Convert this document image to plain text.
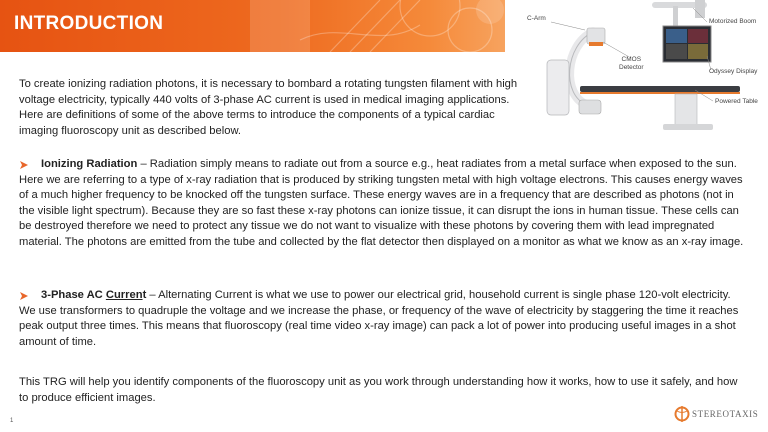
INTRODUCTION	C-Arm	Motorized Boom
CMOS
Detector
Odyssey Display
Powered Table

To create ionizing radiation photons, it is necessary to bombard a rotating tungsten filament with high voltage electricity, typically 440 volts of 3-phase AC current is used in medical imaging applications. Here are definitions of some of the above terms to introduce the components of a typical cardiac imaging fluoroscopy unit as described below.

Ionizing Radiation – Radiation simply means to radiate out from a source e.g., heat radiates from a metal surface when exposed to the sun. Here we are referring to a type of x-ray radiation that is produced by striking tungsten metal with high voltage electrons. This causes energy waves of a much higher frequency to be knocked off the tungsten surface. These energy waves are in a frequency that are described as photons (not in the visible light spectrum). Because they are so fast these x-ray photons can ionize tissue, it can disrupt the ions in human tissue. These cells can be destroyed therefore we need to protect any tissue we do not want to visualize with these photons by covering them with lead impregnated material. The photons are emitted from the tube and collected by the flat detector then displayed on a monitor as what we know as an x-ray image.

3-Phase AC Current – Alternating Current is what we use to power our electrical grid, household current is single phase 120-volt electricity. We use transformers to quadruple the voltage and we increase the phase, or frequency of the wave of electricity by staggering the time it reaches peak output three times. This means that fluoroscopy (real time video x-ray image) can pack a lot of power into producing useful images in a shot amount of time.

This TRG will help you identify components of the fluoroscopy unit as you work through understanding how it works, how to use it safely, and how to produce efficient images.

1
STEREOTAXIS
